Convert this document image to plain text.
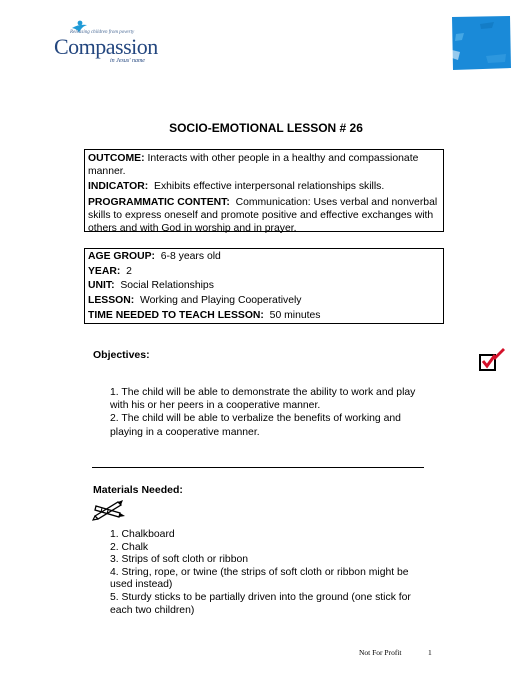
Releasing children from poverty
Compassion
in Jesus' name
SOCIO-EMOTIONAL LESSON # 26

OUTCOME: Interacts with other people in a healthy and compassionate manner.

INDICATOR: Exhibits effective interpersonal relationships skills.

PROGRAMMATIC CONTENT: Communication: Uses verbal and nonverbal skills to express oneself and promote positive and effective exchanges with others and with God in worship and in prayer.

AGE GROUP: 6-8 years old

YEAR: 2

UNIT: Social Relationships

LESSON: Working and Playing Cooperatively

TIME NEEDED TO TEACH LESSON: 50 minutes

Objectives:

1. The child will be able to demonstrate the ability to work and play with his or her peers in a cooperative manner.

2. The child will be able to verbalize the benefits of working and playing in a cooperative manner.

Materials Needed:
1. Chalkboard
2. Chalk
3. Strips of soft cloth or ribbon
4. String, rope, or twine (the strips of soft cloth or ribbon might be used instead)
5. Sturdy sticks to be partially driven into the ground (one stick for each two children)
Not For Profit	1
